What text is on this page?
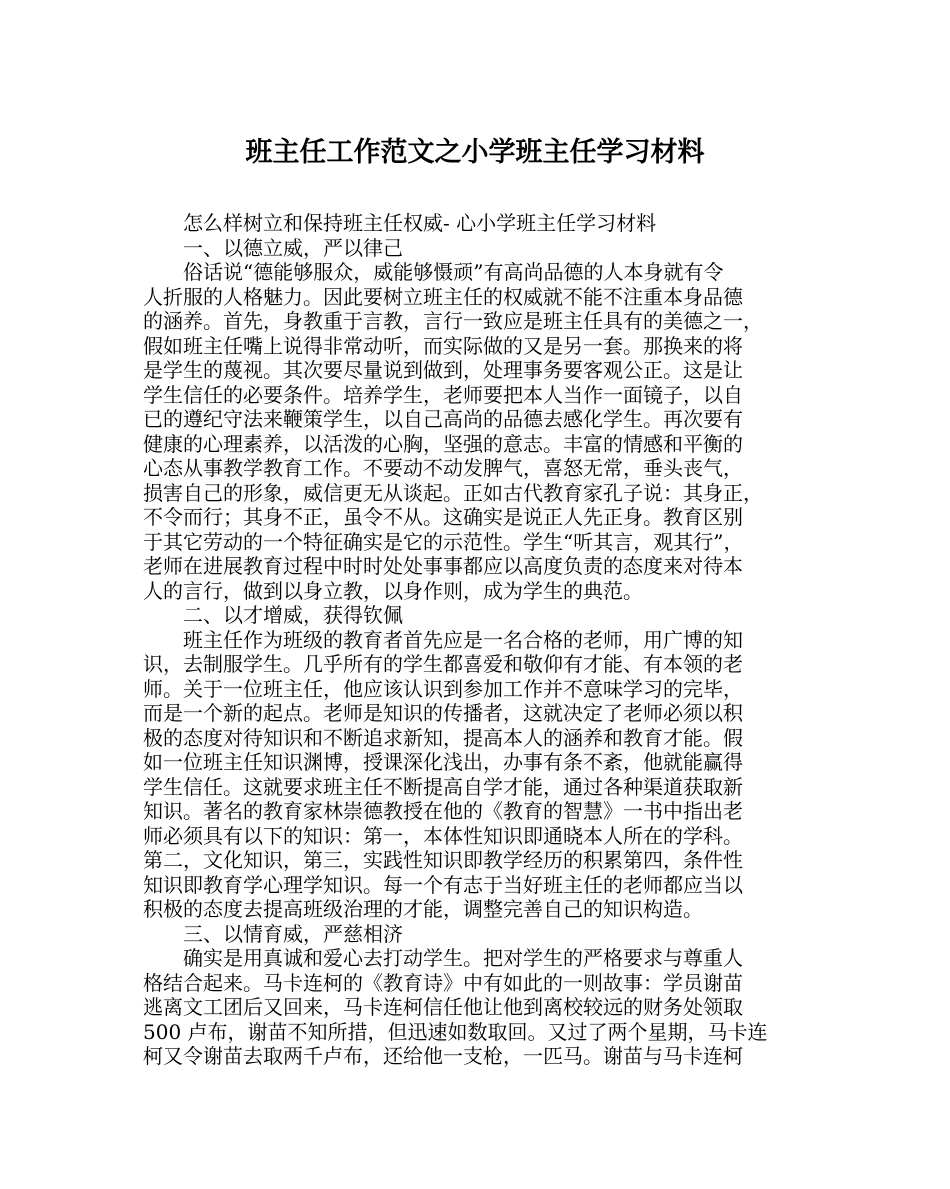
班主任工作范文之小学班主任学习材料
怎么样树立和保持班主任权威- 心小学班主任学习材料
一、以德立威，严以律己
俗话说“德能够服众，威能够慑顽”有高尚品德的人本身就有令
人折服的人格魅力。因此要树立班主任的权威就不能不注重本身品德
的涵养。首先，身教重于言教，言行一致应是班主任具有的美德之一，
假如班主任嘴上说得非常动听，而实际做的又是另一套。那换来的将
是学生的蔑视。其次要尽量说到做到，处理事务要客观公正。这是让
学生信任的必要条件。培养学生，老师要把本人当作一面镜子，以自
已的遵纪守法来鞭策学生，以自己高尚的品德去感化学生。再次要有
健康的心理素养，以活泼的心胸，坚强的意志。丰富的情感和平衡的
心态从事教学教育工作。不要动不动发脾气，喜怒无常，垂头丧气，
损害自己的形象，威信更无从谈起。正如古代教育家孔子说：其身正，
不令而行；其身不正，虽令不从。这确实是说正人先正身。教育区别
于其它劳动的一个特征确实是它的示范性。学生“听其言，观其行”，
老师在进展教育过程中时时处处事事都应以高度负责的态度来对待本
人的言行，做到以身立教，以身作则，成为学生的典范。
二、以才增威，获得钦佩
班主任作为班级的教育者首先应是一名合格的老师，用广博的知
识，去制服学生。几乎所有的学生都喜爱和敬仰有才能、有本领的老
师。关于一位班主任，他应该认识到参加工作并不意味学习的完毕，
而是一个新的起点。老师是知识的传播者，这就决定了老师必须以积
极的态度对待知识和不断追求新知，提高本人的涵养和教育才能。假
如一位班主任知识渊博，授课深化浅出，办事有条不紊，他就能赢得
学生信任。这就要求班主任不断提高自学才能，通过各种渠道获取新
知识。著名的教育家林崇德教授在他的《教育的智慧》一书中指出老
师必须具有以下的知识：第一，本体性知识即通晓本人所在的学科。
第二，文化知识，第三，实践性知识即教学经历的积累第四，条件性
知识即教育学心理学知识。每一个有志于当好班主任的老师都应当以
积极的态度去提高班级治理的才能，调整完善自己的知识构造。
三、以情育威，严慈相济
确实是用真诚和爱心去打动学生。把对学生的严格要求与尊重人
格结合起来。马卡连柯的《教育诗》中有如此的一则故事：学员谢苗
逃离文工团后又回来，马卡连柯信任他让他到离校较远的财务处领取
500 卢布，谢苗不知所措，但迅速如数取回。又过了两个星期，马卡连
柯又令谢苗去取两千卢布，还给他一支枪，一匹马。谢苗与马卡连柯
